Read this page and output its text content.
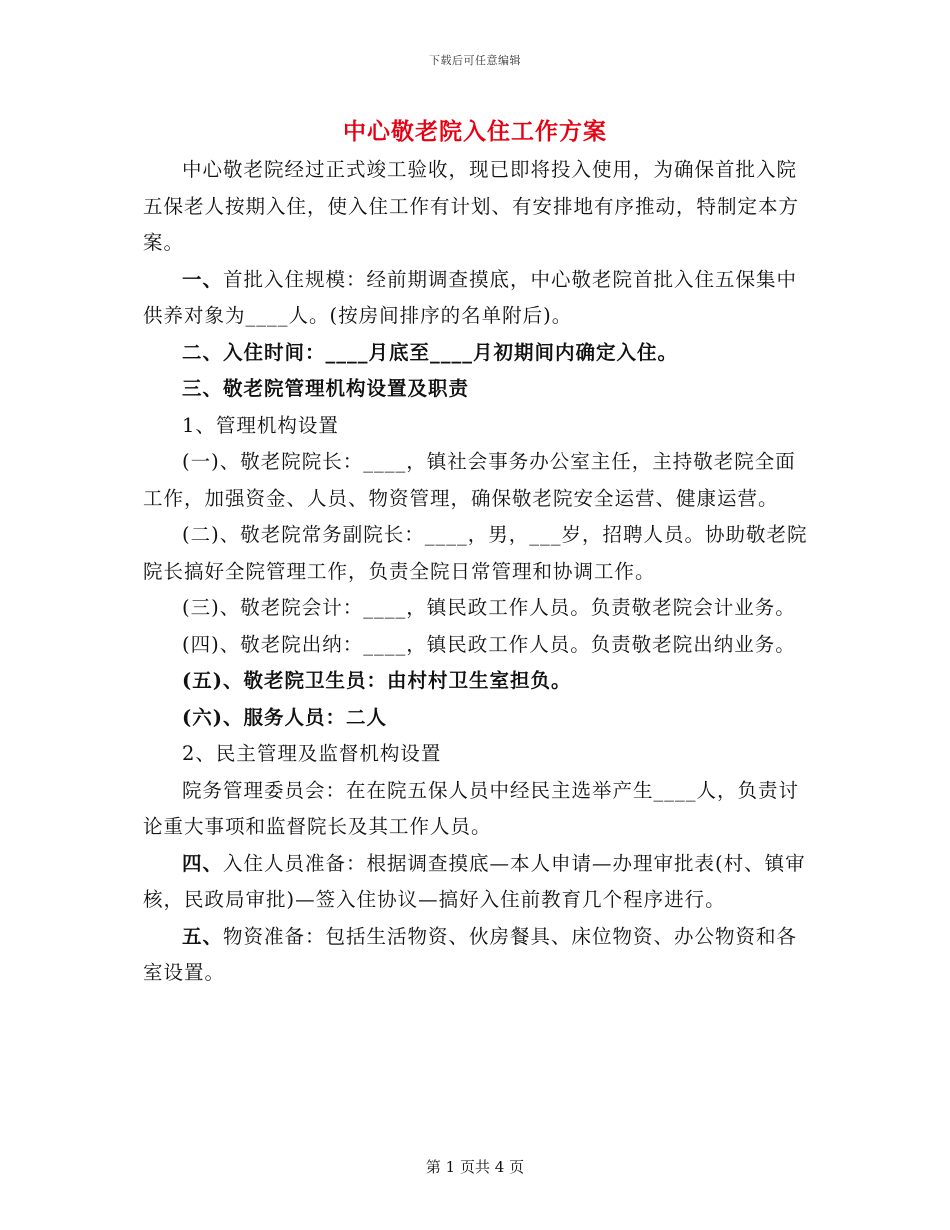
下载后可任意编辑
中心敬老院入住工作方案

中心敬老院经过正式竣工验收，现已即将投入使用，为确保首批入院五保老人按期入住，使入住工作有计划、有安排地有序推动，特制定本方案。

一、首批入住规模：经前期调查摸底，中心敬老院首批入住五保集中供养对象为____人。(按房间排序的名单附后)。

二、入住时间：____月底至____月初期间内确定入住。

三、敬老院管理机构设置及职责

1、管理机构设置

(一)、敬老院院长：____，镇社会事务办公室主任，主持敬老院全面工作，加强资金、人员、物资管理，确保敬老院安全运营、健康运营。

(二)、敬老院常务副院长：____，男，___岁，招聘人员。协助敬老院院长搞好全院管理工作，负责全院日常管理和协调工作。

(三)、敬老院会计：____，镇民政工作人员。负责敬老院会计业务。

(四)、敬老院出纳：____，镇民政工作人员。负责敬老院出纳业务。

(五)、敬老院卫生员：由村村卫生室担负。

(六)、服务人员：二人

2、民主管理及监督机构设置

院务管理委员会：在在院五保人员中经民主选举产生____人，负责讨论重大事项和监督院长及其工作人员。

四、入住人员准备：根据调查摸底—本人申请—办理审批表(村、镇审核，民政局审批)—签入住协议—搞好入住前教育几个程序进行。

五、物资准备：包括生活物资、伙房餐具、床位物资、办公物资和各室设置。

第 1 页共 4 页
